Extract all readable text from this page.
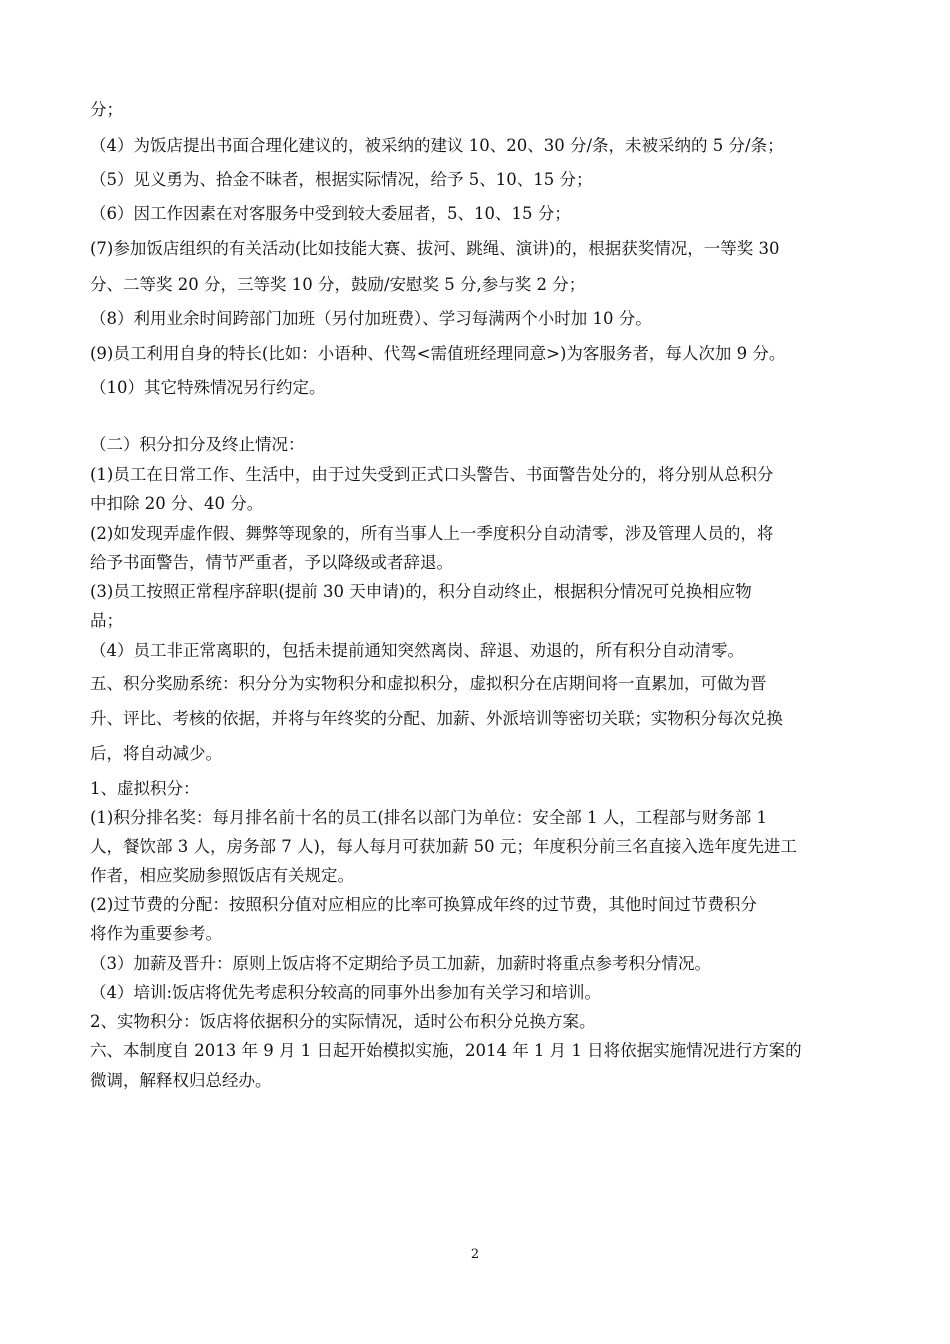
分；
（4）为饭店提出书面合理化建议的，被采纳的建议 10、20、30 分/条，未被采纳的 5 分/条；
（5）见义勇为、拾金不昧者，根据实际情况，给予 5、10、15 分；
（6）因工作因素在对客服务中受到较大委屈者，5、10、15 分；
(7)参加饭店组织的有关活动(比如技能大赛、拔河、跳绳、演讲)的，根据获奖情况，一等奖 30
分、二等奖 20 分，三等奖 10 分，鼓励/安慰奖 5 分,参与奖 2 分；
（8）利用业余时间跨部门加班（另付加班费）、学习每满两个小时加 10 分。
(9)员工利用自身的特长(比如：小语种、代驾<需值班经理同意>)为客服务者，每人次加 9 分。
（10）其它特殊情况另行约定。
（二）积分扣分及终止情况：
(1)员工在日常工作、生活中，由于过失受到正式口头警告、书面警告处分的，将分别从总积分
中扣除 20 分、40 分。
(2)如发现弄虚作假、舞弊等现象的，所有当事人上一季度积分自动清零，涉及管理人员的，将
给予书面警告，情节严重者，予以降级或者辞退。
(3)员工按照正常程序辞职(提前 30 天申请)的，积分自动终止，根据积分情况可兑换相应物
品；
（4）员工非正常离职的，包括未提前通知突然离岗、辞退、劝退的，所有积分自动清零。
五、积分奖励系统：积分分为实物积分和虚拟积分，虚拟积分在店期间将一直累加，可做为晋
升、评比、考核的依据，并将与年终奖的分配、加薪、外派培训等密切关联；实物积分每次兑换
后，将自动减少。
1、虚拟积分：
(1)积分排名奖：每月排名前十名的员工(排名以部门为单位：安全部 1 人，工程部与财务部 1
人，餐饮部 3 人，房务部 7 人)，每人每月可获加薪 50 元；年度积分前三名直接入选年度先进工
作者，相应奖励参照饭店有关规定。
(2)过节费的分配：按照积分值对应相应的比率可换算成年终的过节费，其他时间过节费积分
将作为重要参考。
（3）加薪及晋升：原则上饭店将不定期给予员工加薪，加薪时将重点参考积分情况。
（4）培训:饭店将优先考虑积分较高的同事外出参加有关学习和培训。
2、实物积分：饭店将依据积分的实际情况，适时公布积分兑换方案。
六、本制度自 2013 年 9 月 1 日起开始模拟实施，2014 年 1 月 1 日将依据实施情况进行方案的
微调，解释权归总经办。
2
